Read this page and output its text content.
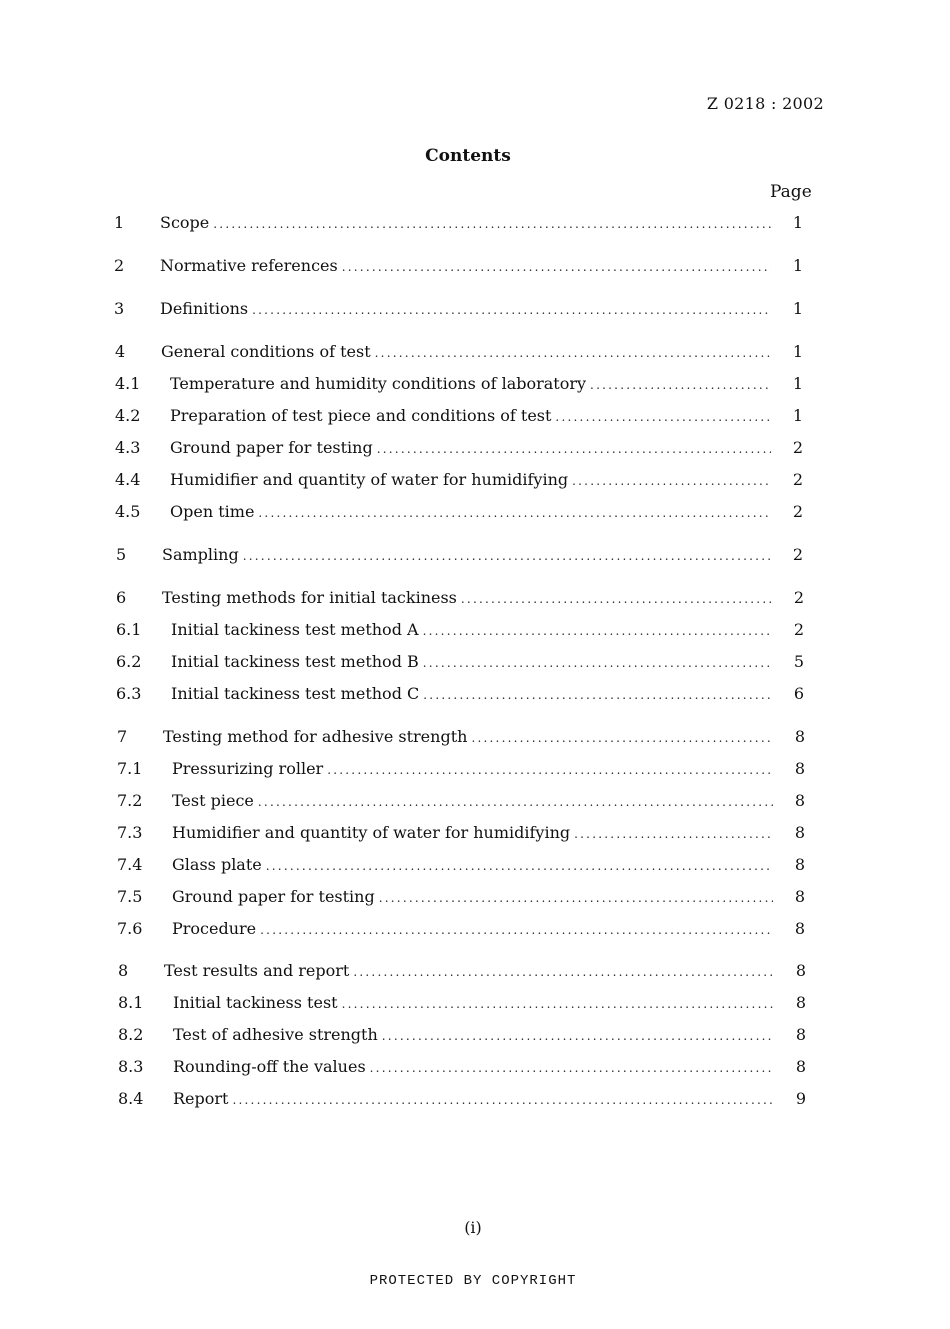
Z 0218 : 2002
Contents
Page
1	Scope . . .	1
2	Normative references . . .	1
3	Definitions . . .	1
4	General conditions of test . . .	1
4.1	Temperature and humidity conditions of laboratory . . .	1
4.2	Preparation of test piece and conditions of test . . .	1
4.3	Ground paper for testing . . .	2
4.4	Humidifier and quantity of water for humidifying . . .	2
4.5	Open time . . .	2
5	Sampling . . .	2
6	Testing methods for initial tackiness . . .	2
6.1	Initial tackiness test method A . . .	2
6.2	Initial tackiness test method B . . .	5
6.3	Initial tackiness test method C . . .	6
7	Testing method for adhesive strength . . .	8
7.1	Pressurizing roller . . .	8
7.2	Test piece . . .	8
7.3	Humidifier and quantity of water for humidifying . . .	8
7.4	Glass plate . . .	8
7.5	Ground paper for testing . . .	8
7.6	Procedure . . .	8
8	Test results and report . . .	8
8.1	Initial tackiness test . . .	8
8.2	Test of adhesive strength . . .	8
8.3	Rounding-off the values . . .	8
8.4	Report . . .	9
(i)
PROTECTED BY COPYRIGHT
